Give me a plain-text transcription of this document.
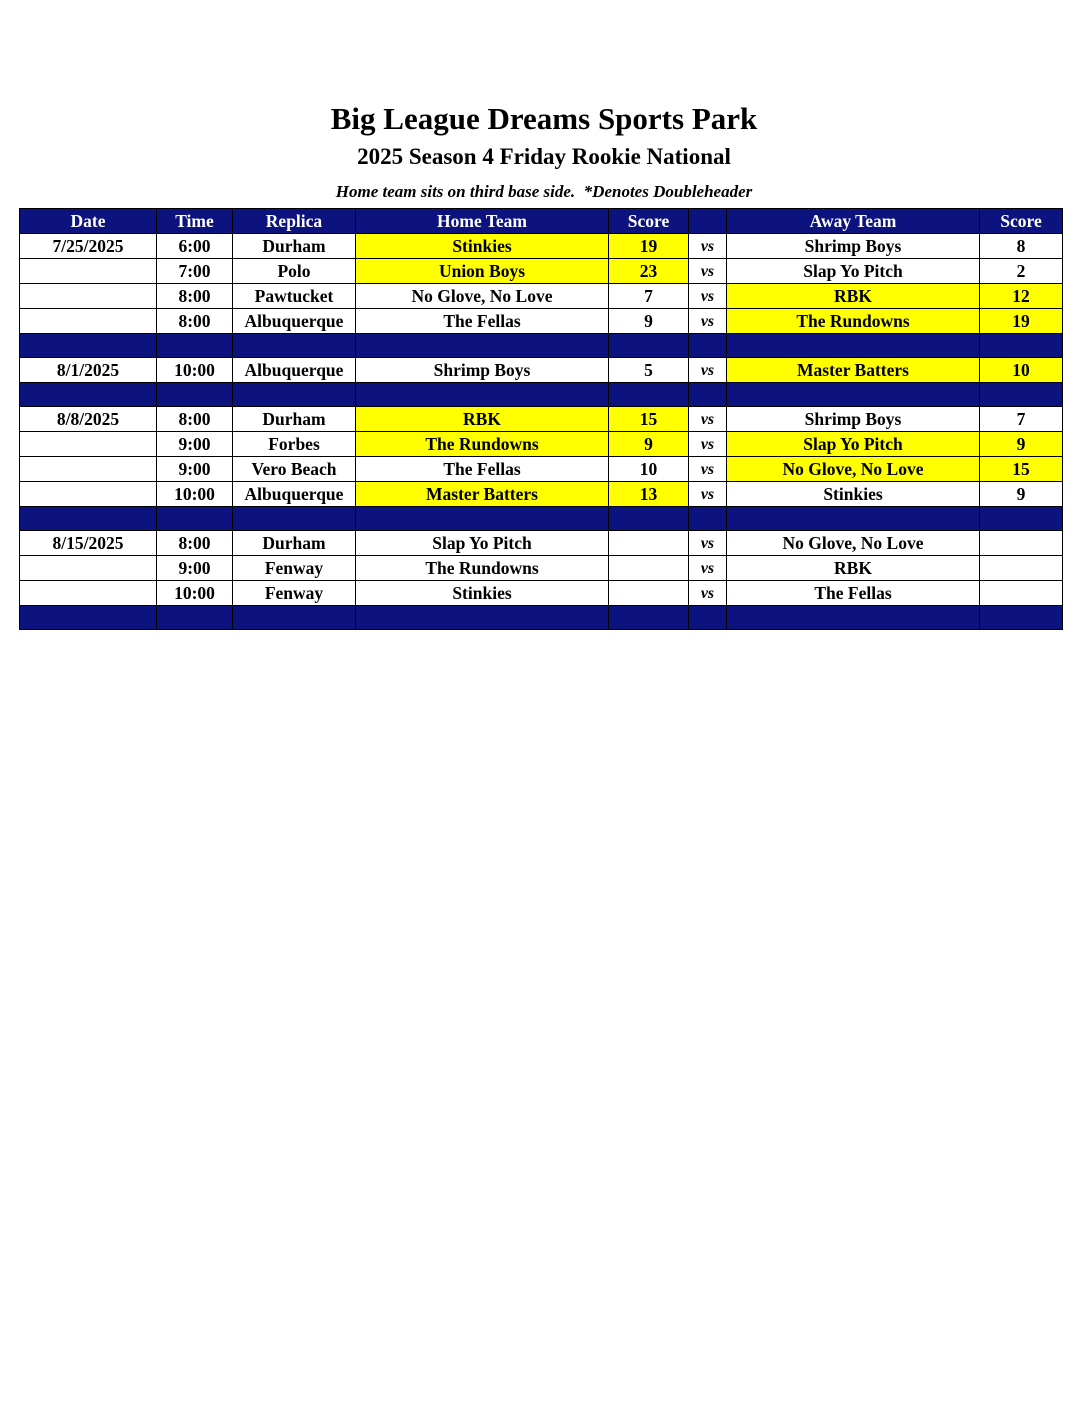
Big League Dreams Sports Park
2025 Season 4 Friday Rookie National
Home team sits on third base side.  *Denotes Doubleheader
Date	Time	Replica	Home Team	Score		Away Team	Score
7/25/2025	6:00	Durham	Stinkies	19	vs	Shrimp Boys	8
	7:00	Polo	Union Boys	23	vs	Slap Yo Pitch	2
	8:00	Pawtucket	No Glove, No Love	7	vs	RBK	12
	8:00	Albuquerque	The Fellas	9	vs	The Rundowns	19

8/1/2025	10:00	Albuquerque	Shrimp Boys	5	vs	Master Batters	10

8/8/2025	8:00	Durham	RBK	15	vs	Shrimp Boys	7
	9:00	Forbes	The Rundowns	9	vs	Slap Yo Pitch	9
	9:00	Vero Beach	The Fellas	10	vs	No Glove, No Love	15
	10:00	Albuquerque	Master Batters	13	vs	Stinkies	9

8/15/2025	8:00	Durham	Slap Yo Pitch		vs	No Glove, No Love	
	9:00	Fenway	The Rundowns		vs	RBK	
	10:00	Fenway	Stinkies		vs	The Fellas	
